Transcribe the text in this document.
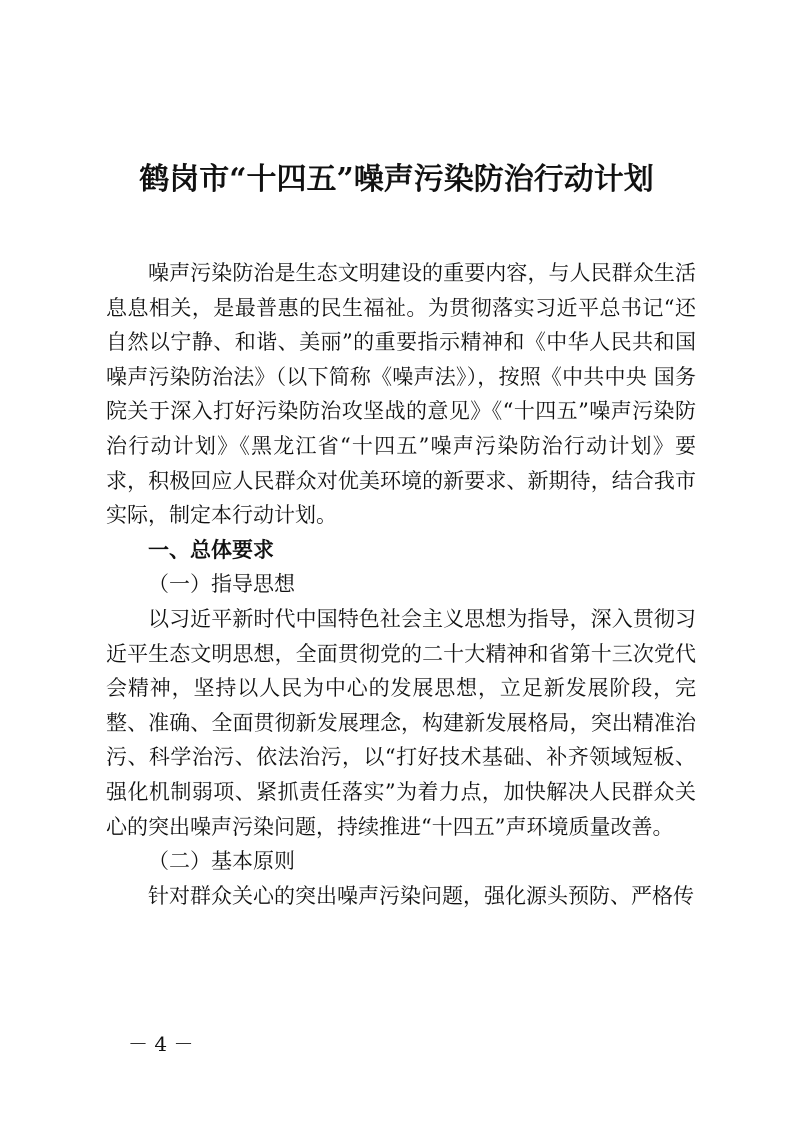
鹤岗市“十四五”噪声污染防治行动计划

噪声污染防治是生态文明建设的重要内容，与人民群众生活息息相关，是最普惠的民生福祉。为贯彻落实习近平总书记“还自然以宁静、和谐、美丽”的重要指示精神和《中华人民共和国噪声污染防治法》（以下简称《噪声法》），按照《中共中央 国务院关于深入打好污染防治攻坚战的意见》《“十四五”噪声污染防治行动计划》《黑龙江省“十四五”噪声污染防治行动计划》要求，积极回应人民群众对优美环境的新要求、新期待，结合我市实际，制定本行动计划。

一、总体要求

（一）指导思想

以习近平新时代中国特色社会主义思想为指导，深入贯彻习近平生态文明思想，全面贯彻党的二十大精神和省第十三次党代会精神，坚持以人民为中心的发展思想，立足新发展阶段，完整、准确、全面贯彻新发展理念，构建新发展格局，突出精准治污、科学治污、依法治污，以“打好技术基础、补齐领域短板、强化机制弱项、紧抓责任落实”为着力点，加快解决人民群众关心的突出噪声污染问题，持续推进“十四五”声环境质量改善。

（二）基本原则

针对群众关心的突出噪声污染问题，强化源头预防、严格传

－ 4 －
